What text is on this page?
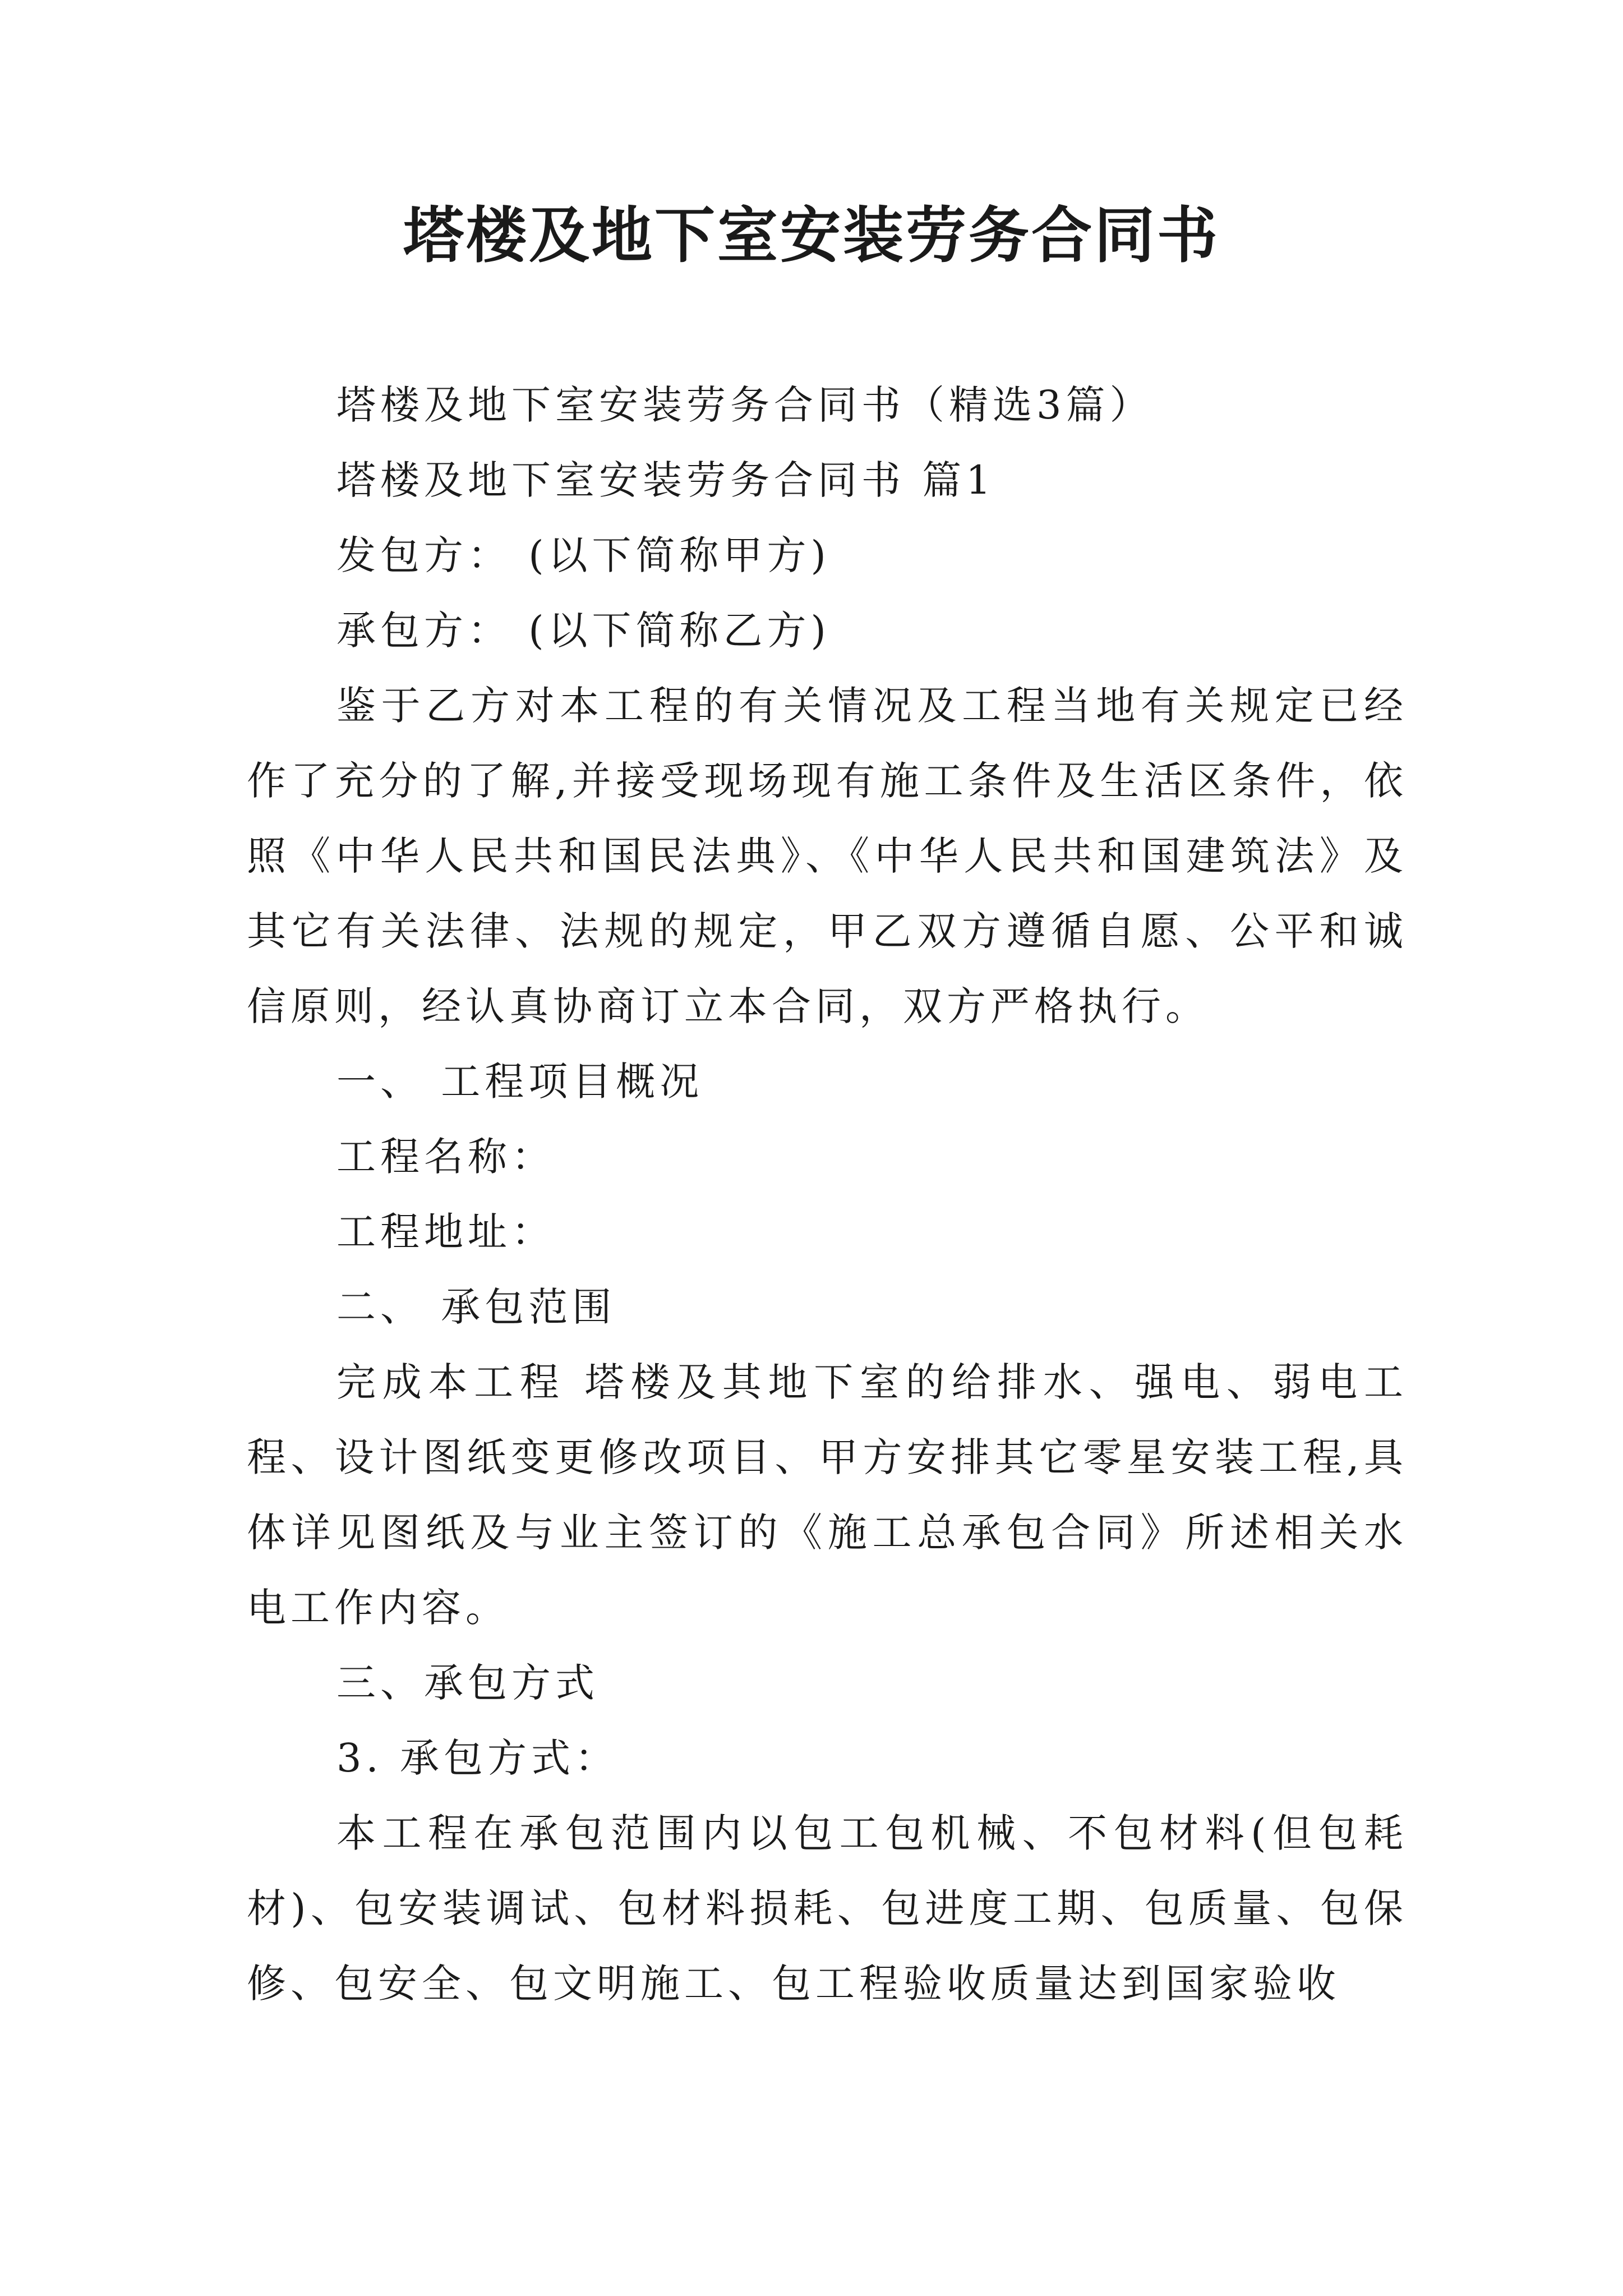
塔楼及地下室安装劳务合同书

塔楼及地下室安装劳务合同书（精选3篇）

塔楼及地下室安装劳务合同书 篇1

发包方： (以下简称甲方)

承包方： (以下简称乙方)

鉴于乙方对本工程的有关情况及工程当地有关规定已经作了充分的了解,并接受现场现有施工条件及生活区条件，依照《中华人民共和国民法典》、《中华人民共和国建筑法》及其它有关法律、法规的规定，甲乙双方遵循自愿、公平和诚信原则，经认真协商订立本合同，双方严格执行。

一、 工程项目概况

工程名称：

工程地址：

二、 承包范围

完成本工程 塔楼及其地下室的给排水、强电、弱电工程、设计图纸变更修改项目、甲方安排其它零星安装工程,具体详见图纸及与业主签订的《施工总承包合同》所述相关水电工作内容。

三、承包方式

3. 承包方式：

本工程在承包范围内以包工包机械、不包材料(但包耗材)、包安装调试、包材料损耗、包进度工期、包质量、包保修、包安全、包文明施工、包工程验收质量达到国家验收
